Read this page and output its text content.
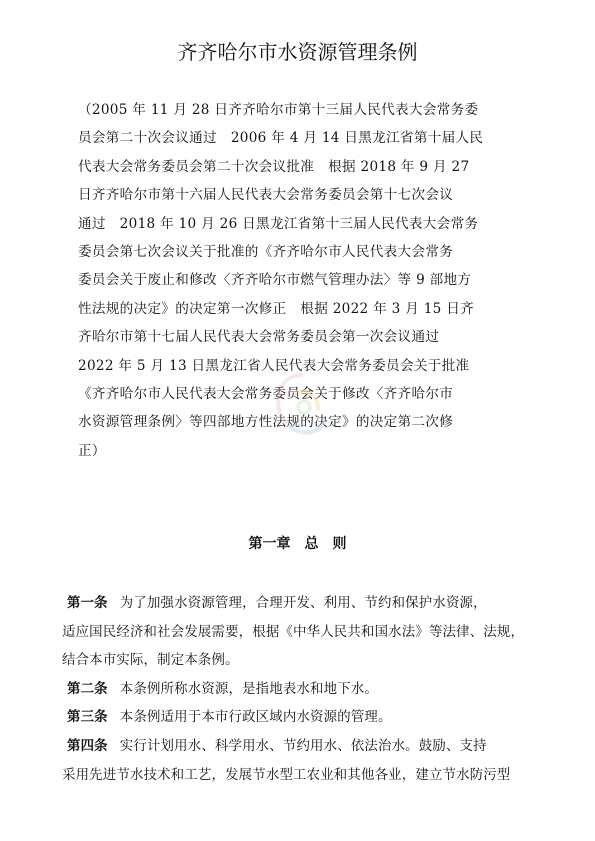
齐齐哈尔市水资源管理条例
（2005 年 11 月 28 日齐齐哈尔市第十三届人民代表大会常务委
员会第二十次会议通过　2006 年 4 月 14 日黑龙江省第十届人民
代表大会常务委员会第二十次会议批准　根据 2018 年 9 月 27
日齐齐哈尔市第十六届人民代表大会常务委员会第十七次会议
通过　2018 年 10 月 26 日黑龙江省第十三届人民代表大会常务
委员会第七次会议关于批准的《齐齐哈尔市人民代表大会常务
委员会关于废止和修改〈齐齐哈尔市燃气管理办法〉等 9 部地方
性法规的决定》的决定第一次修正　根据 2022 年 3 月 15 日齐
齐哈尔市第十七届人民代表大会常务委员会第一次会议通过
2022 年 5 月 13 日黑龙江省人民代表大会常务委员会关于批准
《齐齐哈尔市人民代表大会常务委员会关于修改〈齐齐哈尔市
水资源管理条例〉等四部地方性法规的决定》的决定第二次修
正）
第一章　总　则
第一条 为了加强水资源管理，合理开发、利用、节约和保护水资源，
适应国民经济和社会发展需要，根据《中华人民共和国水法》等法律、法规，
结合本市实际，制定本条例。
第二条 本条例所称水资源，是指地表水和地下水。
第三条 本条例适用于本市行政区域内水资源的管理。
第四条 实行计划用水、科学用水、节约用水、依法治水。鼓励、支持
采用先进节水技术和工艺，发展节水型工农业和其他各业，建立节水防污型
